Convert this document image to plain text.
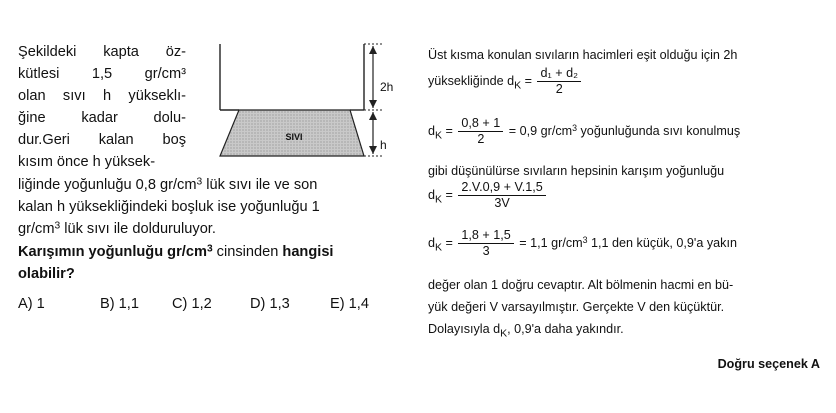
Şekildeki kapta öz-
kütlesi 1,5 gr/cm³
olan sıvı h yükseklı-
ğine kadar dolu-
dur.Geri kalan boş
kısım önce h yüksek-
liğinde yoğunluğu 0,8 $gr/cm^3$ lük sıvı ile ve son
kalan h yüksekliğindeki boşluk ise yoğunluğu 1
$gr/cm^3$ lük sıvı ile dolduruluyor.
Karışımın yoğunluğu $gr/cm^3$ cinsinden hangisi
olabilir?
A) 1	B) 1,1 C) 1,2	D) 1,3	E) 1,4
2h
h
SIVI
Üst kısma konulan sıvıların hacimleri eşit olduğu için 2h
yüksekliğinde $d_K = \frac{\text{d₁ + d₂}}{2}$
$d_K = \frac{0,8 + 1}{2} = 0,9$ $gr/cm^3$ yoğunluğunda sıvı konulmuş
gibi düşünülürse sıvıların hepsinin karışım yoğunluğu
$d_K = \frac{2.V.0,9 + V.1,5}{3V}$
$d_K = \frac{1,8 + 1,5}{3} = 1,1$ $gr/cm^3$ 1,1 den küçük, 0,9'a yakın
değer olan 1 doğru cevaptır. Alt bölmenin hacmi en bü-
yük değeri V varsayılmıştır. Gerçekte V den küçüktür.
Dolayısıyla $d_K$, 0,9'a daha yakındır.
Doğru seçenek A
